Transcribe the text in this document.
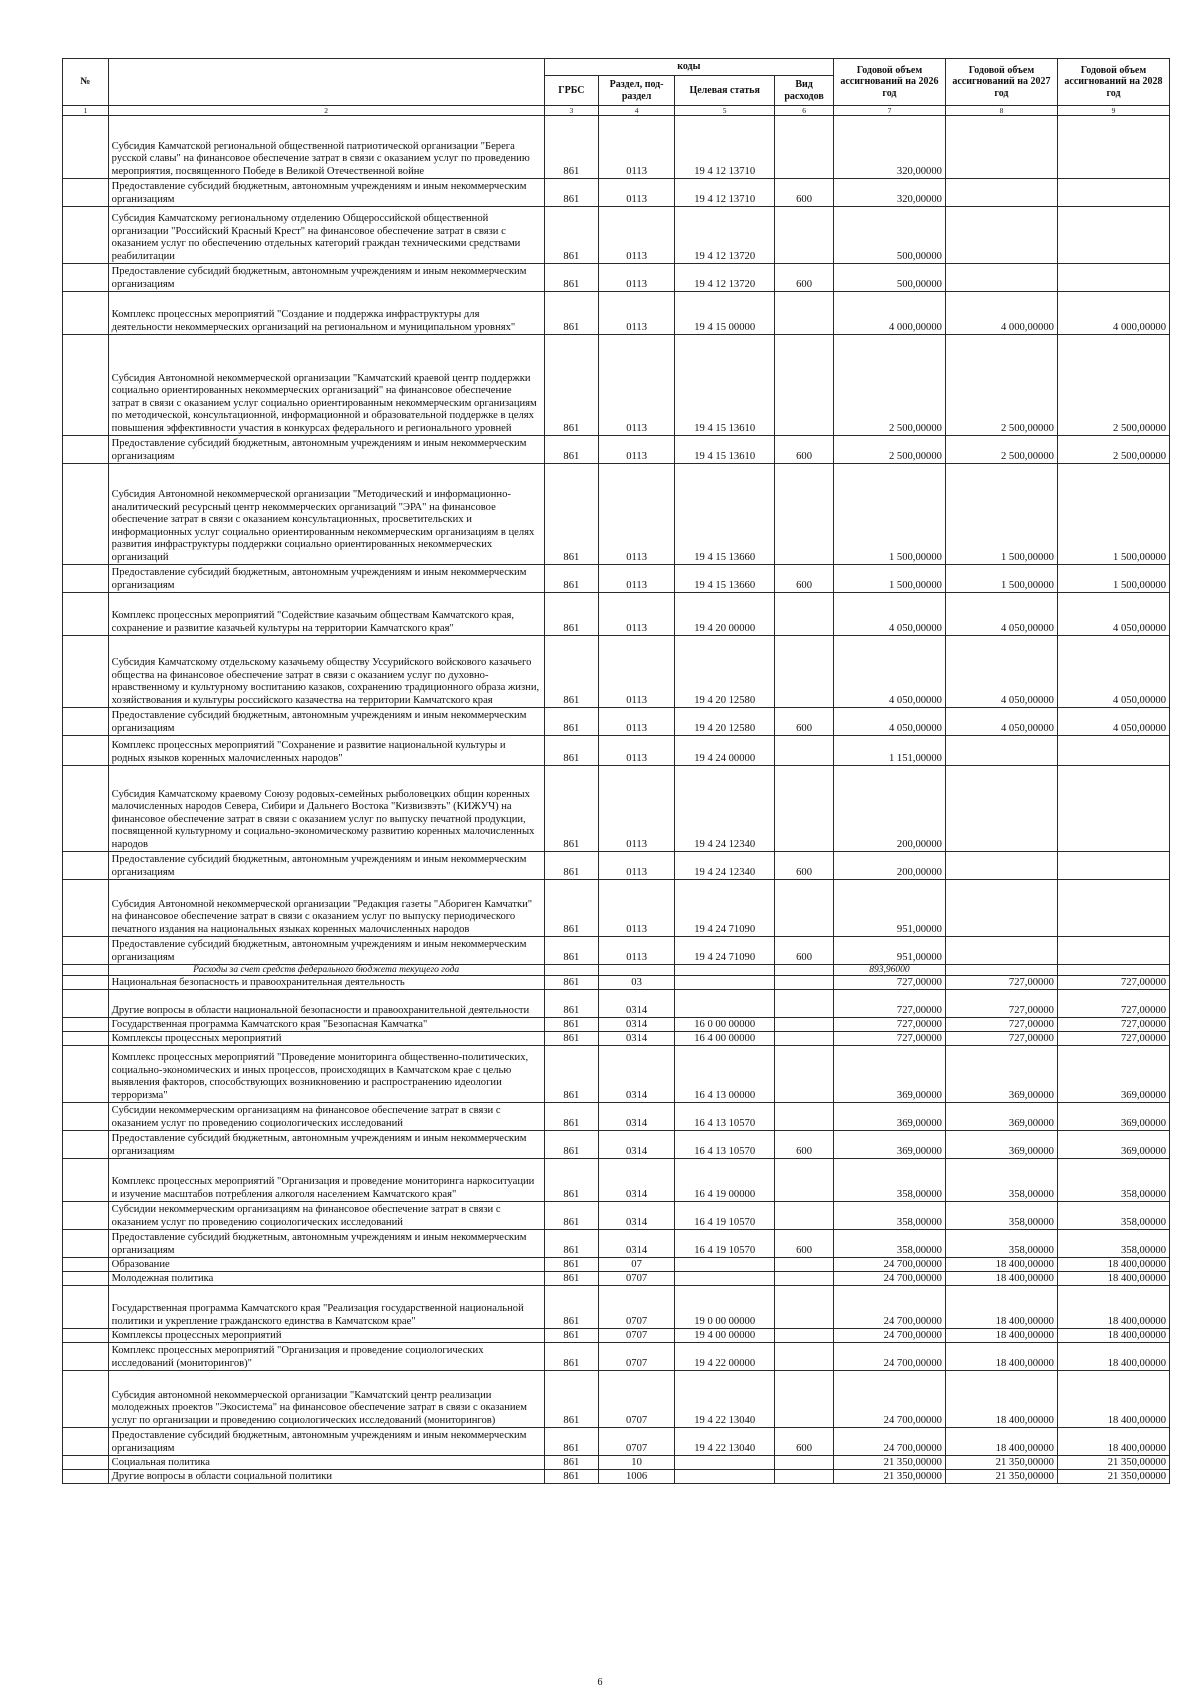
№		коды				Годовой объем ассигнований на 2026 год	Годовой объем ассигнований на 2027 год	Годовой объем ассигнований на 2028 год
		ГРБС	Раздел, под-раздел	Целевая статья	Вид расходов			
1	2	3	4	5	6	7	8	9
	Субсидия Камчатской региональной общественной патриотической организации "Берега русской славы" на финансовое обеспечение затрат в связи с оказанием услуг по проведению мероприятия, посвященного Победе в Великой Отечественной войне	861	0113	19 4 12 13710		320,00000		
	Предоставление субсидий бюджетным, автономным учреждениям и иным некоммерческим организациям	861	0113	19 4 12 13710	600	320,00000		
	Субсидия Камчатскому региональному отделению Общероссийской общественной организации "Российский Красный Крест" на финансовое обеспечение затрат в связи с оказанием услуг по обеспечению отдельных категорий граждан техническими средствами реабилитации	861	0113	19 4 12 13720		500,00000		
	Предоставление субсидий бюджетным, автономным учреждениям и иным некоммерческим организациям	861	0113	19 4 12 13720	600	500,00000		
	Комплекс процессных мероприятий "Создание и поддержка инфраструктуры для деятельности некоммерческих организаций на региональном и муниципальном уровнях"	861	0113	19 4 15 00000		4 000,00000	4 000,00000	4 000,00000
	Субсидия Автономной некоммерческой организации "Камчатский краевой центр поддержки социально ориентированных некоммерческих организаций" на финансовое обеспечение затрат в связи с оказанием услуг социально ориентированным некоммерческим организациям по методической, консультационной, информационной и образовательной поддержке в целях повышения эффективности участия в конкурсах федерального и регионального уровней	861	0113	19 4 15 13610		2 500,00000	2 500,00000	2 500,00000
	Предоставление субсидий бюджетным, автономным учреждениям и иным некоммерческим организациям	861	0113	19 4 15 13610	600	2 500,00000	2 500,00000	2 500,00000
	Субсидия Автономной некоммерческой организации "Методический и информационно-аналитический ресурсный центр некоммерческих организаций "ЭРА" на финансовое обеспечение затрат в связи с оказанием консультационных, просветительских и информационных услуг социально ориентированным некоммерческим организациям в целях развития инфраструктуры поддержки социально ориентированных некоммерческих организаций	861	0113	19 4 15 13660		1 500,00000	1 500,00000	1 500,00000
	Предоставление субсидий бюджетным, автономным учреждениям и иным некоммерческим организациям	861	0113	19 4 15 13660	600	1 500,00000	1 500,00000	1 500,00000
	Комплекс процессных мероприятий "Содействие казачьим обществам Камчатского края, сохранение и развитие казачьей культуры на территории Камчатского края"	861	0113	19 4 20 00000		4 050,00000	4 050,00000	4 050,00000
	Субсидия Камчатскому отдельскому казачьему обществу Уссурийского войскового казачьего общества на финансовое обеспечение затрат в связи с оказанием услуг по духовно-нравственному и культурному воспитанию казаков, сохранению традиционного образа жизни, хозяйствования и культуры российского казачества на территории Камчатского края	861	0113	19 4 20 12580		4 050,00000	4 050,00000	4 050,00000
	Предоставление субсидий бюджетным, автономным учреждениям и иным некоммерческим организациям	861	0113	19 4 20 12580	600	4 050,00000	4 050,00000	4 050,00000
	Комплекс процессных мероприятий "Сохранение и развитие национальной культуры и родных языков коренных малочисленных народов"	861	0113	19 4 24 00000		1 151,00000		
	Субсидия Камчатскому краевому Союзу родовых-семейных рыболовецких общин коренных малочисленных народов Севера, Сибири и Дальнего Востока "Кизвизвэть" (КИЖУЧ) на финансовое обеспечение затрат в связи с оказанием услуг по выпуску печатной продукции, посвященной культурному и социально-экономическому развитию коренных малочисленных народов	861	0113	19 4 24 12340		200,00000		
	Предоставление субсидий бюджетным, автономным учреждениям и иным некоммерческим организациям	861	0113	19 4 24 12340	600	200,00000		
	Субсидия Автономной некоммерческой организации "Редакция газеты "Абориген Камчатки" на финансовое обеспечение затрат в связи с оказанием услуг по выпуску периодического печатного издания на национальных языках коренных малочисленных народов	861	0113	19 4 24 71090		951,00000		
	Предоставление субсидий бюджетным, автономным учреждениям и иным некоммерческим организациям	861	0113	19 4 24 71090	600	951,00000		
	Расходы за счет средств федерального бюджета текущего года					893,96000		
	Национальная безопасность и правоохранительная деятельность	861	03			727,00000	727,00000	727,00000
	Другие вопросы в области национальной безопасности и правоохранительной деятельности	861	0314			727,00000	727,00000	727,00000
	Государственная программа Камчатского края "Безопасная Камчатка"	861	0314	16 0 00 00000		727,00000	727,00000	727,00000
	Комплексы процессных мероприятий	861	0314	16 4 00 00000		727,00000	727,00000	727,00000
	Комплекс процессных мероприятий "Проведение мониторинга общественно-политических, социально-экономических и иных процессов, происходящих в Камчатском крае с целью выявления факторов, способствующих возникновению и распространению идеологии терроризма"	861	0314	16 4 13 00000		369,00000	369,00000	369,00000
	Субсидии некоммерческим организациям на финансовое обеспечение затрат в связи с оказанием услуг по проведению социологических исследований	861	0314	16 4 13 10570		369,00000	369,00000	369,00000
	Предоставление субсидий бюджетным, автономным учреждениям и иным некоммерческим организациям	861	0314	16 4 13 10570	600	369,00000	369,00000	369,00000
	Комплекс процессных мероприятий "Организация и проведение мониторинга наркоситуации и изучение масштабов потребления алкоголя населением Камчатского края"	861	0314	16 4 19 00000		358,00000	358,00000	358,00000
	Субсидии некоммерческим организациям на финансовое обеспечение затрат в связи с оказанием услуг по проведению социологических исследований	861	0314	16 4 19 10570		358,00000	358,00000	358,00000
	Предоставление субсидий бюджетным, автономным учреждениям и иным некоммерческим организациям	861	0314	16 4 19 10570	600	358,00000	358,00000	358,00000
	Образование	861	07			24 700,00000	18 400,00000	18 400,00000
	Молодежная политика	861	0707			24 700,00000	18 400,00000	18 400,00000
	Государственная программа Камчатского края "Реализация государственной национальной политики и укрепление гражданского единства в Камчатском крае"	861	0707	19 0 00 00000		24 700,00000	18 400,00000	18 400,00000
	Комплексы процессных мероприятий	861	0707	19 4 00 00000		24 700,00000	18 400,00000	18 400,00000
	Комплекс процессных мероприятий "Организация и проведение социологических исследований (мониторингов)"	861	0707	19 4 22 00000		24 700,00000	18 400,00000	18 400,00000
	Субсидия автономной некоммерческой организации "Камчатский центр реализации молодежных проектов "Экосистема" на финансовое обеспечение затрат в связи с оказанием услуг по организации и проведению социологических исследований (мониторингов)	861	0707	19 4 22 13040		24 700,00000	18 400,00000	18 400,00000
	Предоставление субсидий бюджетным, автономным учреждениям и иным некоммерческим организациям	861	0707	19 4 22 13040	600	24 700,00000	18 400,00000	18 400,00000
	Социальная политика	861	10			21 350,00000	21 350,00000	21 350,00000
	Другие вопросы в области социальной политики	861	1006			21 350,00000	21 350,00000	21 350,00000
6
